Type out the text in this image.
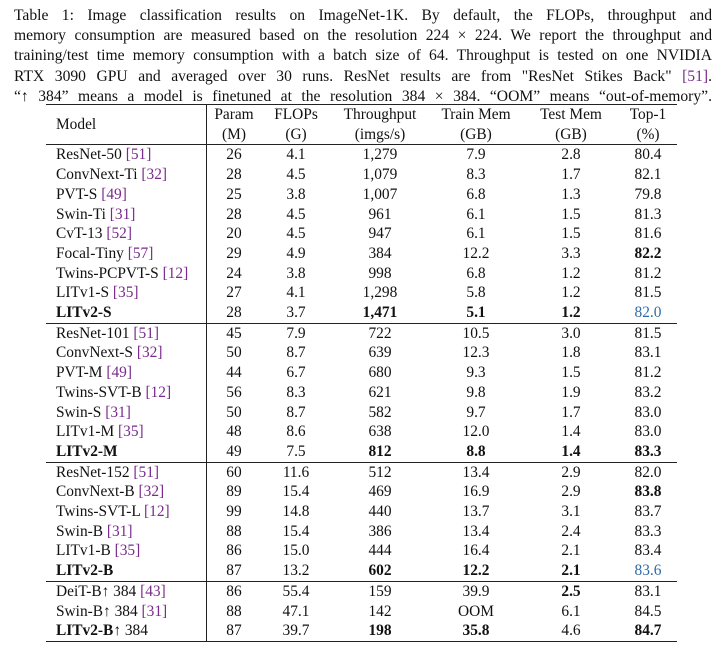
Table 1: Image classification results on ImageNet-1K. By default, the FLOPs, throughput and
memory consumption are measured based on the resolution 224 × 224. We report the throughput and
training/test time memory consumption with a batch size of 64. Throughput is tested on one NVIDIA
RTX 3090 GPU and averaged over 30 runs. ResNet results are from "ResNet Stikes Back" [51].
“↑ 384” means a model is finetuned at the resolution 384 × 384. “OOM” means “out-of-memory”.
Model	Param	FLOPs	Throughput	Train Mem	Test Mem	Top-1
	(M)	(G)	(imgs/s)	(GB)	(GB)	(%)
ResNet-50 [51]	26	4.1	1,279	7.9	2.8	80.4
ConvNext-Ti [32]	28	4.5	1,079	8.3	1.7	82.1
PVT-S [49]	25	3.8	1,007	6.8	1.3	79.8
Swin-Ti [31]	28	4.5	961	6.1	1.5	81.3
CvT-13 [52]	20	4.5	947	6.1	1.5	81.6
Focal-Tiny [57]	29	4.9	384	12.2	3.3	82.2
Twins-PCPVT-S [12]	24	3.8	998	6.8	1.2	81.2
LITv1-S [35]	27	4.1	1,298	5.8	1.2	81.5
LITv2-S	28	3.7	1,471	5.1	1.2	82.0
ResNet-101 [51]	45	7.9	722	10.5	3.0	81.5
ConvNext-S [32]	50	8.7	639	12.3	1.8	83.1
PVT-M [49]	44	6.7	680	9.3	1.5	81.2
Twins-SVT-B [12]	56	8.3	621	9.8	1.9	83.2
Swin-S [31]	50	8.7	582	9.7	1.7	83.0
LITv1-M [35]	48	8.6	638	12.0	1.4	83.0
LITv2-M	49	7.5	812	8.8	1.4	83.3
ResNet-152 [51]	60	11.6	512	13.4	2.9	82.0
ConvNext-B [32]	89	15.4	469	16.9	2.9	83.8
Twins-SVT-L [12]	99	14.8	440	13.7	3.1	83.7
Swin-B [31]	88	15.4	386	13.4	2.4	83.3
LITv1-B [35]	86	15.0	444	16.4	2.1	83.4
LITv2-B	87	13.2	602	12.2	2.1	83.6
DeiT-B↑ 384 [43]	86	55.4	159	39.9	2.5	83.1
Swin-B↑ 384 [31]	88	47.1	142	OOM	6.1	84.5
LITv2-B↑ 384	87	39.7	198	35.8	4.6	84.7
